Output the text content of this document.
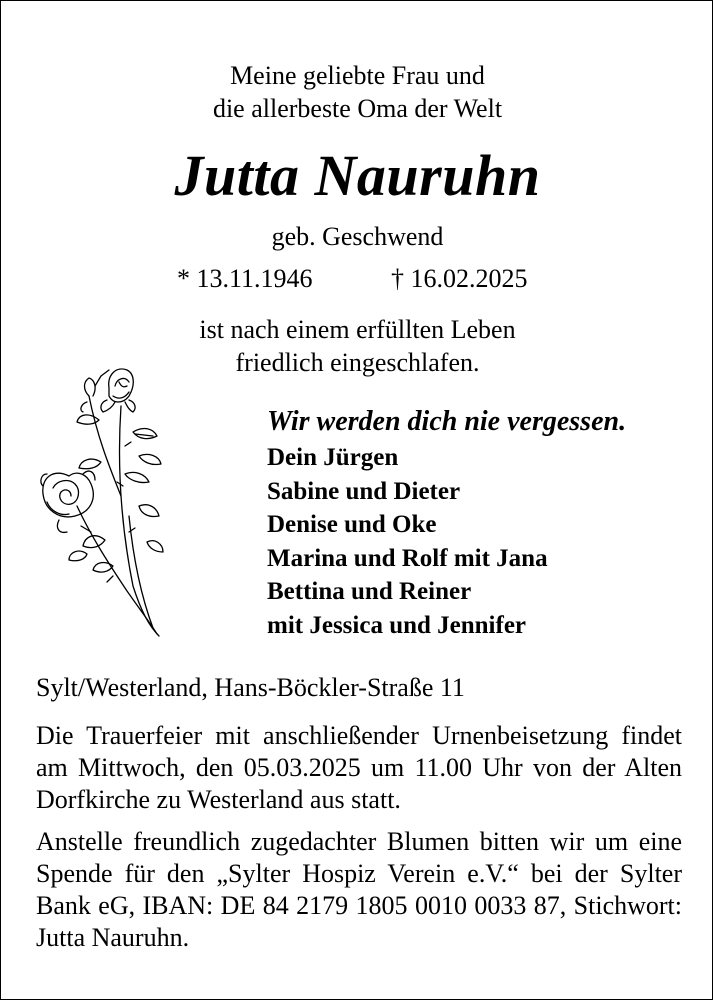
Meine geliebte Frau und
die allerbeste Oma der Welt
Jutta Nauruhn
geb. Geschwend
* 13.11.1946	† 16.02.2025
ist nach einem erfüllten Leben
friedlich eingeschlafen.
Wir werden dich nie vergessen.
Dein Jürgen
Sabine und Dieter
Denise und Oke
Marina und Rolf mit Jana
Bettina und Reiner
mit Jessica und Jennifer
Sylt/Westerland, Hans-Böckler-Straße 11

Die Trauerfeier mit anschließender Urnenbeisetzung findet am Mittwoch, den 05.03.2025 um 11.00 Uhr von der Alten Dorfkirche zu Westerland aus statt.

Anstelle freundlich zugedachter Blumen bitten wir um eine Spende für den „Sylter Hospiz Verein e.V.“ bei der Sylter Bank eG, IBAN: DE 84 2179 1805 0010 0033 87, Stichwort: Jutta Nauruhn.
